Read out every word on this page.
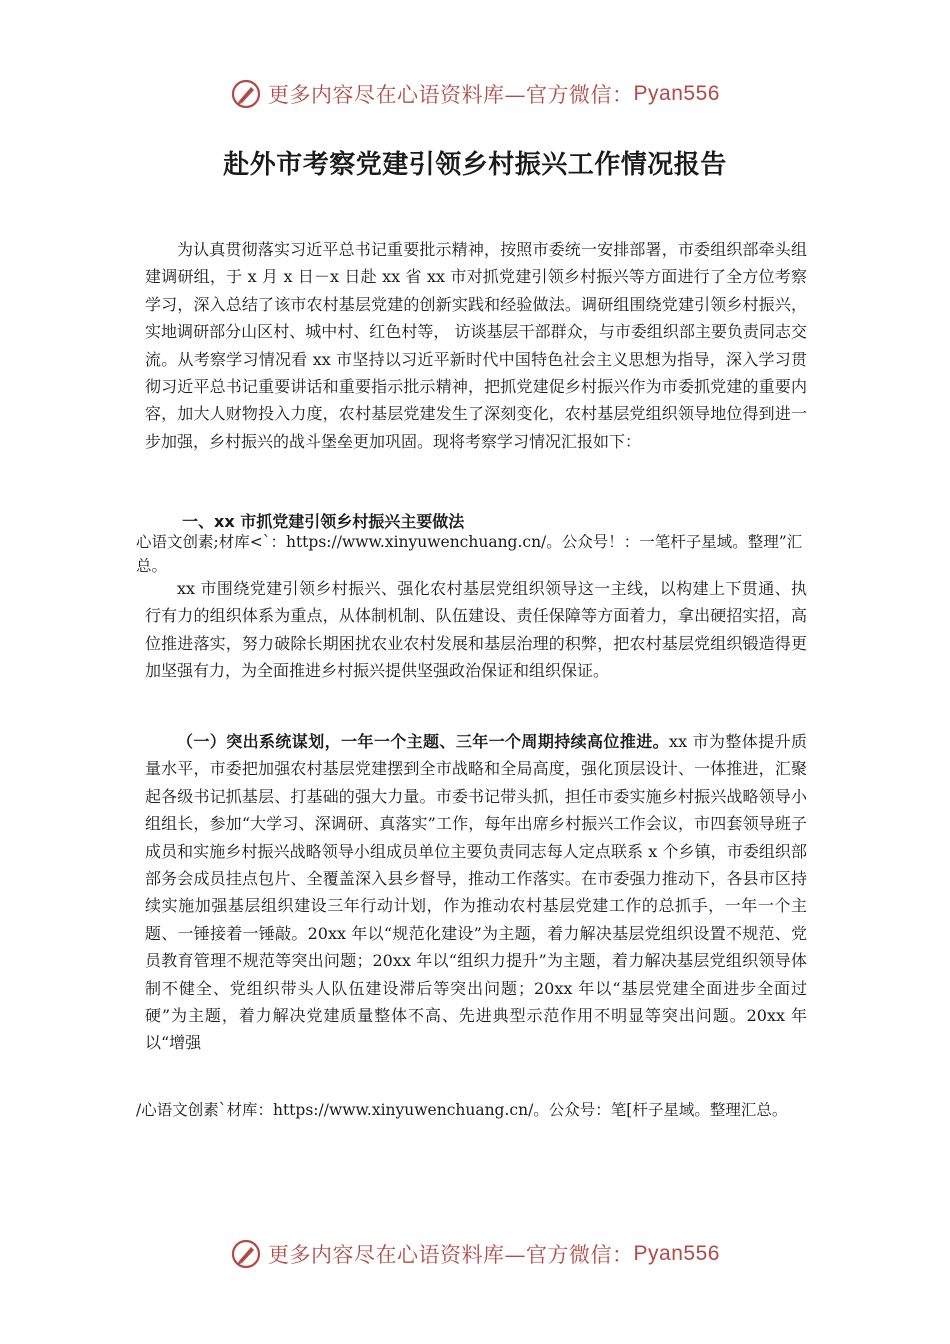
更多内容尽在心语资料库—官方微信： Pyan556
赴外市考察党建引领乡村振兴工作情况报告

为认真贯彻落实习近平总书记重要批示精神，按照市委统一安排部署，市委组织部牵头组建调研组，于 x 月 x 日－x 日赴 xx 省 xx 市对抓党建引领乡村振兴等方面进行了全方位考察学习，深入总结了该市农村基层党建的创新实践和经验做法。调研组围绕党建引领乡村振兴，实地调研部分山区村、城中村、红色村等， 访谈基层干部群众，与市委组织部主要负责同志交流。从考察学习情况看 xx 市坚持以习近平新时代中国特色社会主义思想为指导，深入学习贯彻习近平总书记重要讲话和重要指示批示精神，把抓党建促乡村振兴作为市委抓党建的重要内容，加大人财物投入力度，农村基层党建发生了深刻变化，农村基层党组织领导地位得到进一步加强，乡村振兴的战斗堡垒更加巩固。现将考察学习情况汇报如下：

一、xx 市抓党建引领乡村振兴主要做法

心语文创素;材库<`：https://www.xinyuwenchuang.cn/。公众号！：一笔杆子星域。整理”汇总。

xx 市围绕党建引领乡村振兴、强化农村基层党组织领导这一主线，以构建上下贯通、执行有力的组织体系为重点，从体制机制、队伍建设、责任保障等方面着力，拿出硬招实招，高位推进落实，努力破除长期困扰农业农村发展和基层治理的积弊，把农村基层党组织锻造得更加坚强有力，为全面推进乡村振兴提供坚强政治保证和组织保证。

（一）突出系统谋划，一年一个主题、三年一个周期持续高位推进。xx 市为整体提升质量水平，市委把加强农村基层党建摆到全市战略和全局高度，强化顶层设计、一体推进，汇聚起各级书记抓基层、打基础的强大力量。市委书记带头抓，担任市委实施乡村振兴战略领导小组组长，参加“大学习、深调研、真落实”工作，每年出席乡村振兴工作会议，市四套领导班子成员和实施乡村振兴战略领导小组成员单位主要负责同志每人定点联系 x 个乡镇，市委组织部部务会成员挂点包片、全覆盖深入县乡督导，推动工作落实。在市委强力推动下，各县市区持续实施加强基层组织建设三年行动计划，作为推动农村基层党建工作的总抓手，一年一个主题、一锤接着一锤敲。20xx 年以“规范化建设”为主题，着力解决基层党组织设置不规范、党员教育管理不规范等突出问题；20xx 年以“组织力提升”为主题，着力解决基层党组织领导体制不健全、党组织带头人队伍建设滞后等突出问题；20xx 年以“基层党建全面进步全面过硬”为主题，着力解决党建质量整体不高、先进典型示范作用不明显等突出问题。20xx 年以“增强

/心语文创素`材库：https://www.xinyuwenchuang.cn/。公众号：笔[杆子星域。整理汇总。

更多内容尽在心语资料库—官方微信： Pyan556
